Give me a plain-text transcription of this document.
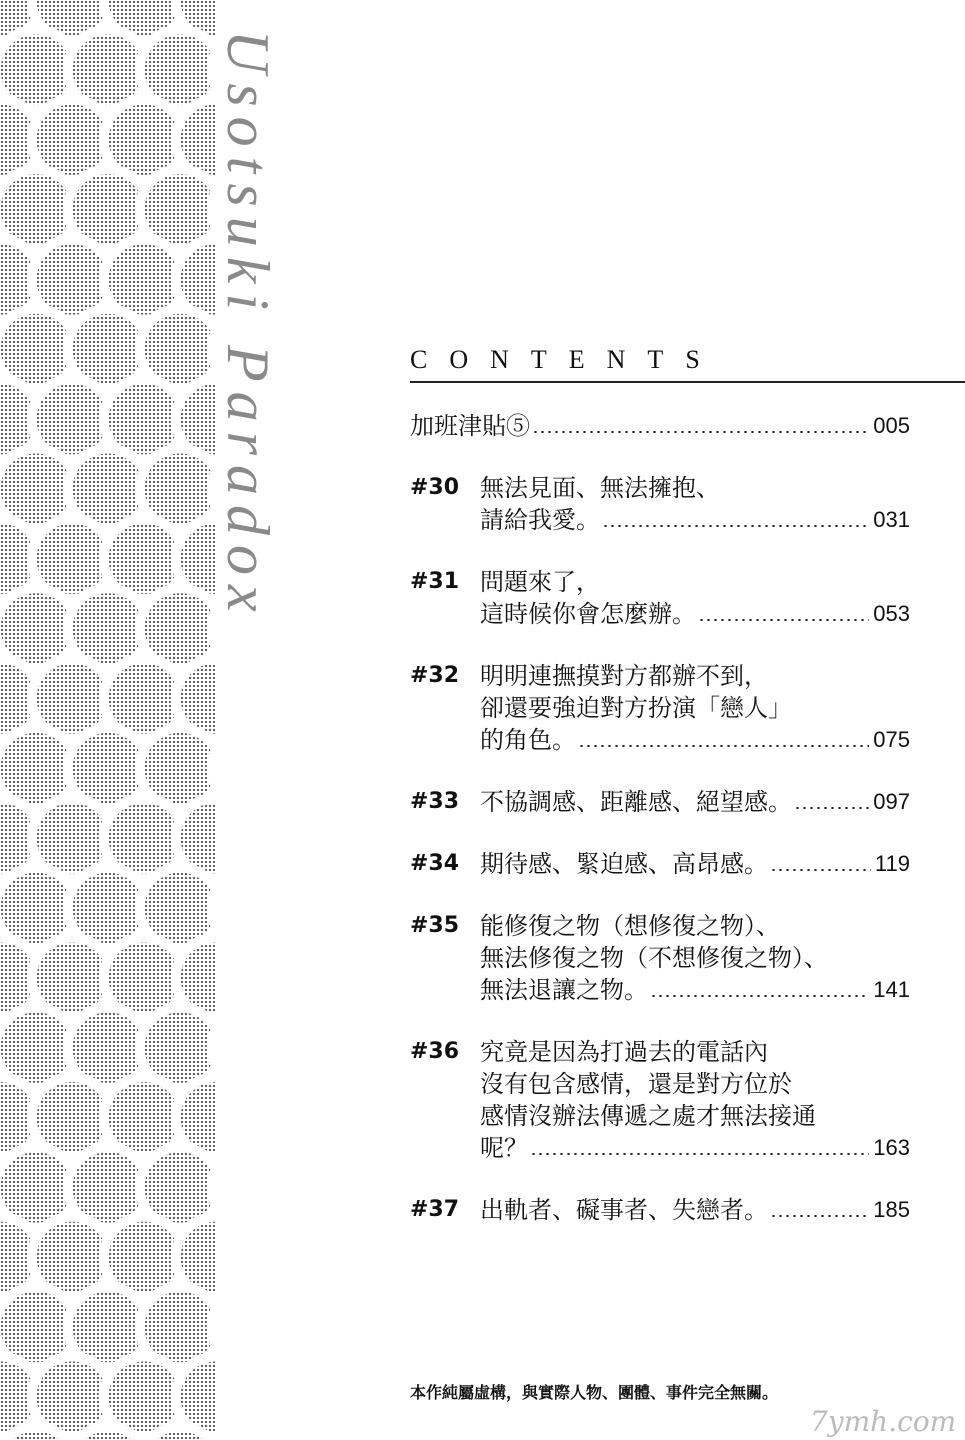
Usotsuki Paradox	CONTENTS
加班津貼⑤	005
#30 無法見面、無法擁抱、
請給我愛。	031
#31 問題來了，
這時候你會怎麼辦。	053
#32 明明連撫摸對方都辦不到，
卻還要強迫對方扮演「戀人」
的角色。	075
#33 不協調感、距離感、絕望感。	097
#34 期待感、緊迫感、高昂感。	119
#35 能修復之物（想修復之物）、
無法修復之物（不想修復之物）、
無法退讓之物。	141
#36 究竟是因為打過去的電話內
沒有包含感情，還是對方位於
感情沒辦法傳遞之處才無法接通
呢？	163
#37 出軌者、礙事者、失戀者。	185
本作純屬虛構，與實際人物、團體、事件完全無關。
7ymh.com
